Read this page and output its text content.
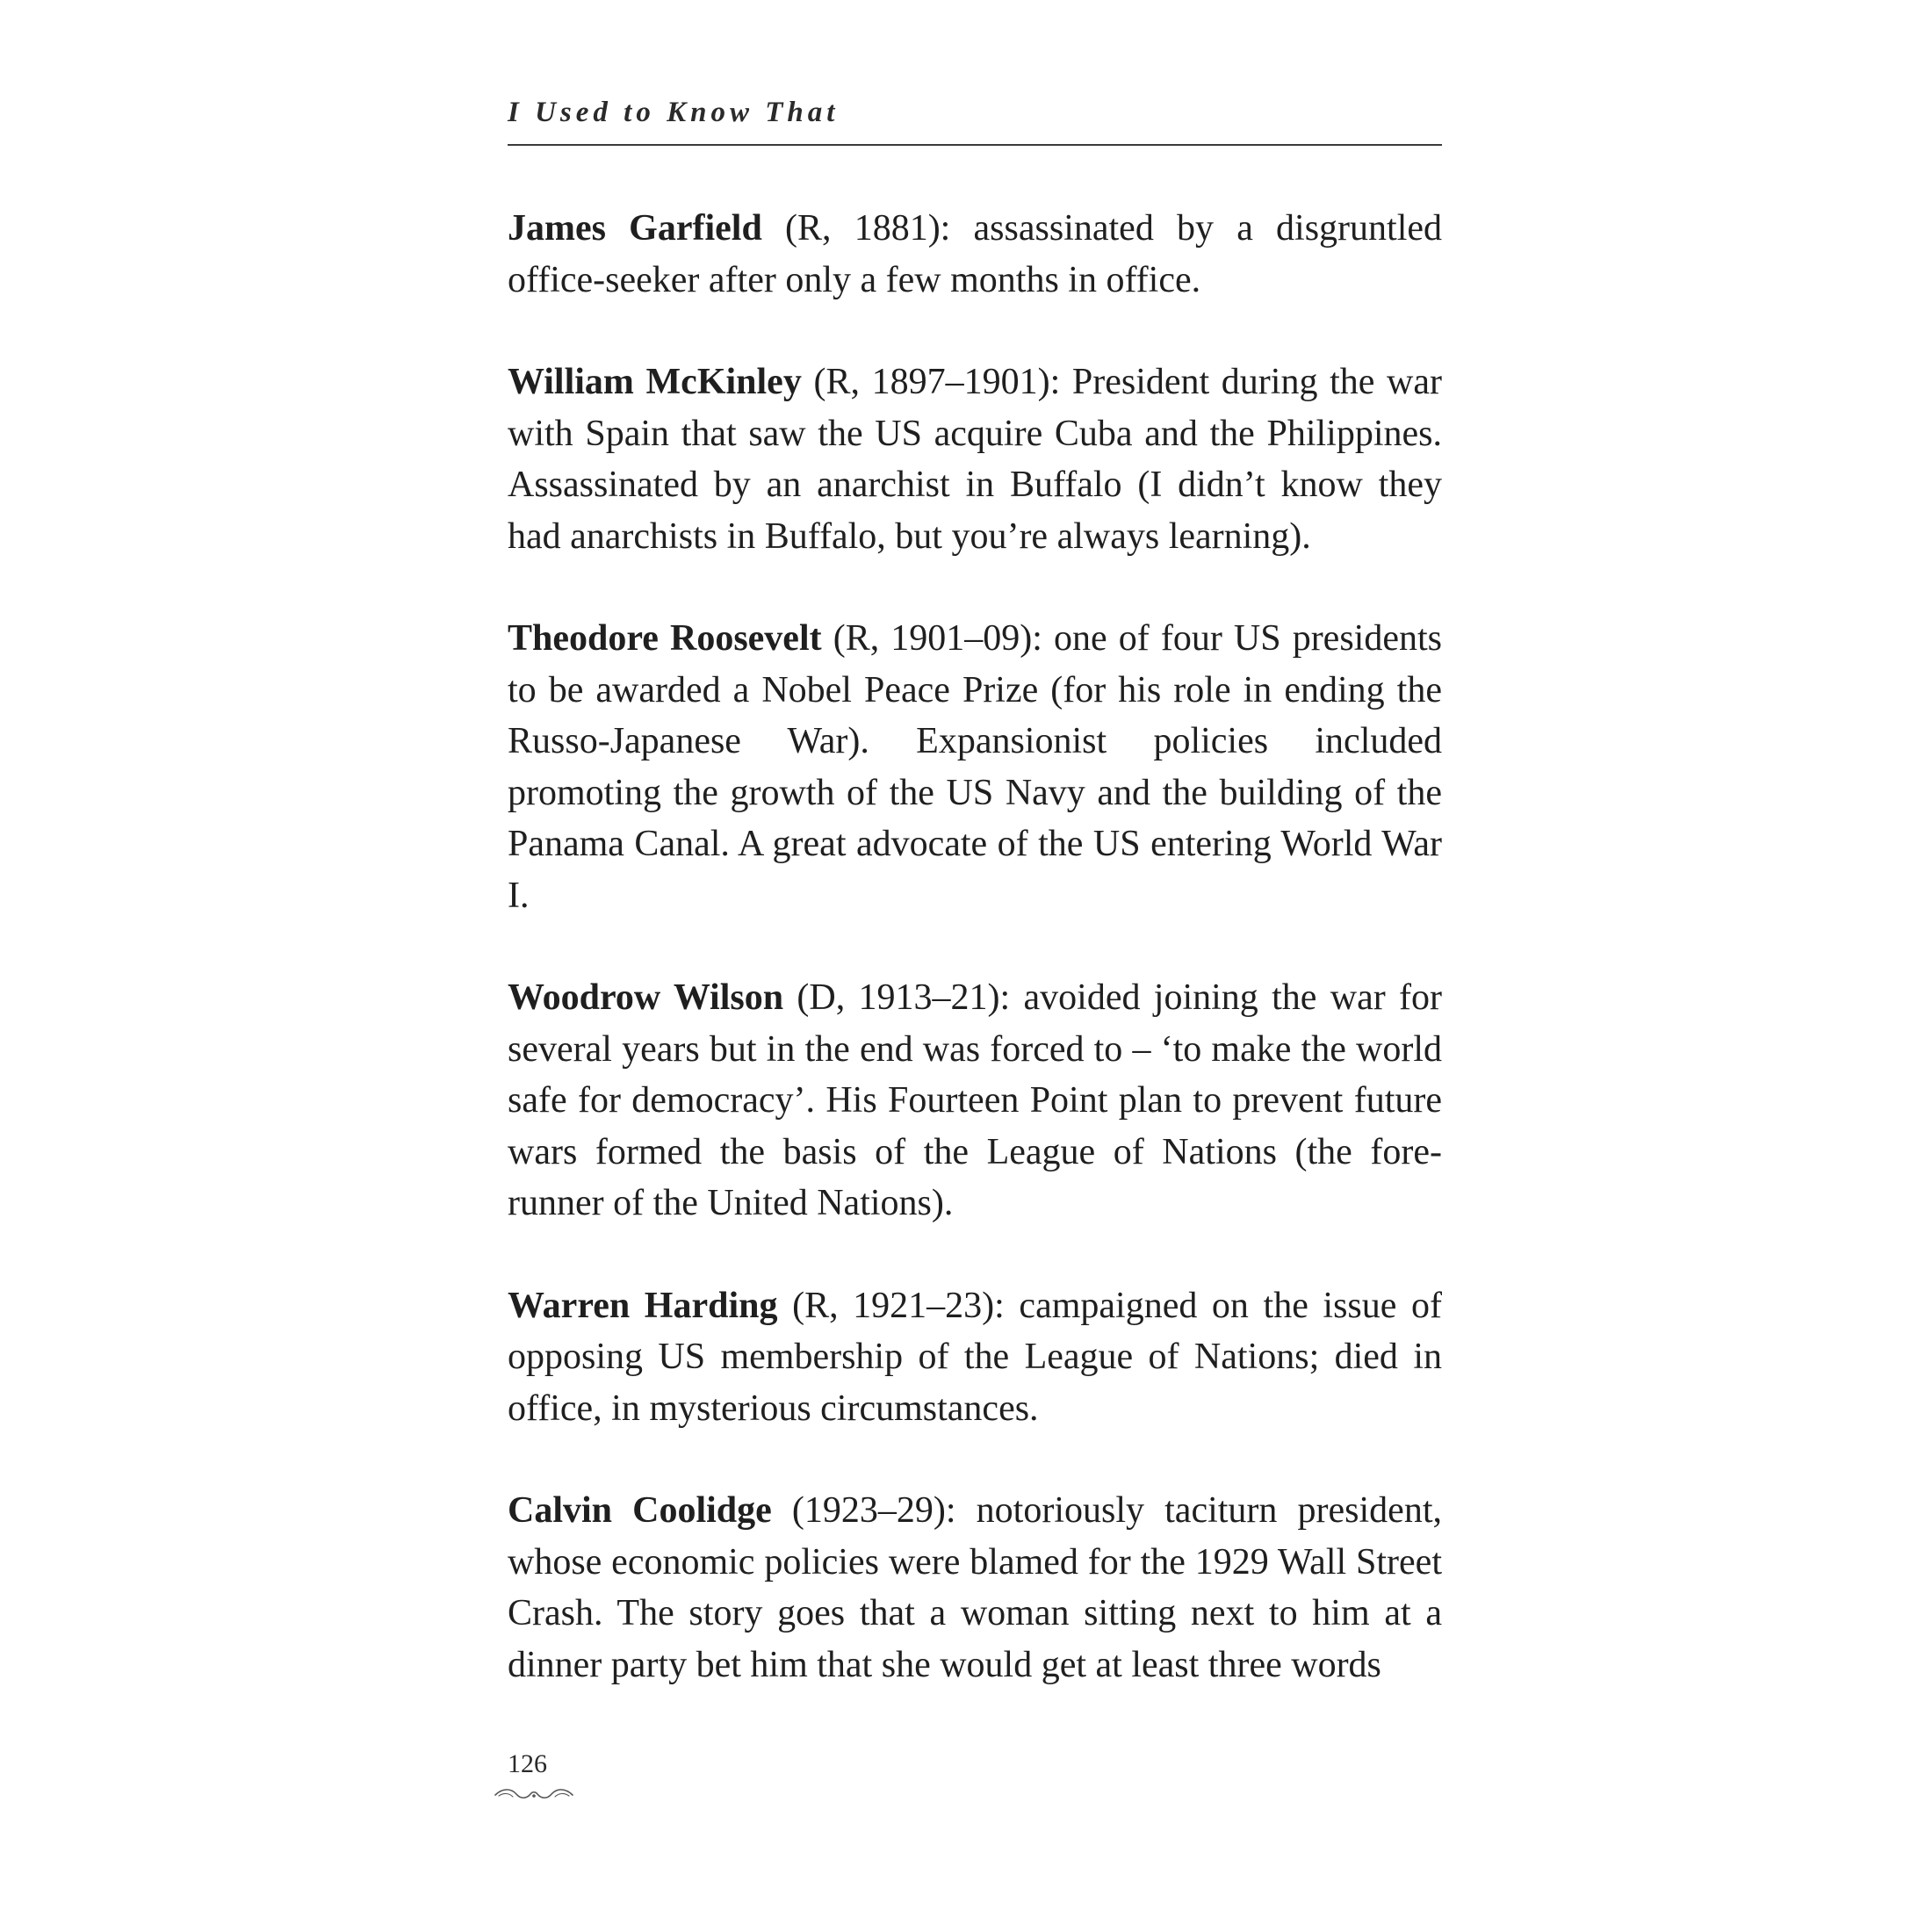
I Used to Know That

James Garfield (R, 1881): assassinated by a disgruntled office-seeker after only a few months in office.

William McKinley (R, 1897–1901): President during the war with Spain that saw the US acquire Cuba and the Philippines. Assassinated by an anarchist in Buffalo (I didn’t know they had anarchists in Buffalo, but you’re always learning).

Theodore Roosevelt (R, 1901–09): one of four US presidents to be awarded a Nobel Peace Prize (for his role in ending the Russo-Japanese War). Expansionist policies included promoting the growth of the US Navy and the building of the Panama Canal. A great advocate of the US entering World War I.

Woodrow Wilson (D, 1913–21): avoided joining the war for several years but in the end was forced to – ‘to make the world safe for democracy’. His Fourteen Point plan to prevent future wars formed the basis of the League of Nations (the fore-runner of the United Nations).

Warren Harding (R, 1921–23): campaigned on the issue of opposing US membership of the League of Nations; died in office, in mysterious circumstances.

Calvin Coolidge (1923–29): notoriously taciturn president, whose economic policies were blamed for the 1929 Wall Street Crash. The story goes that a woman sitting next to him at a dinner party bet him that she would get at least three words

126
